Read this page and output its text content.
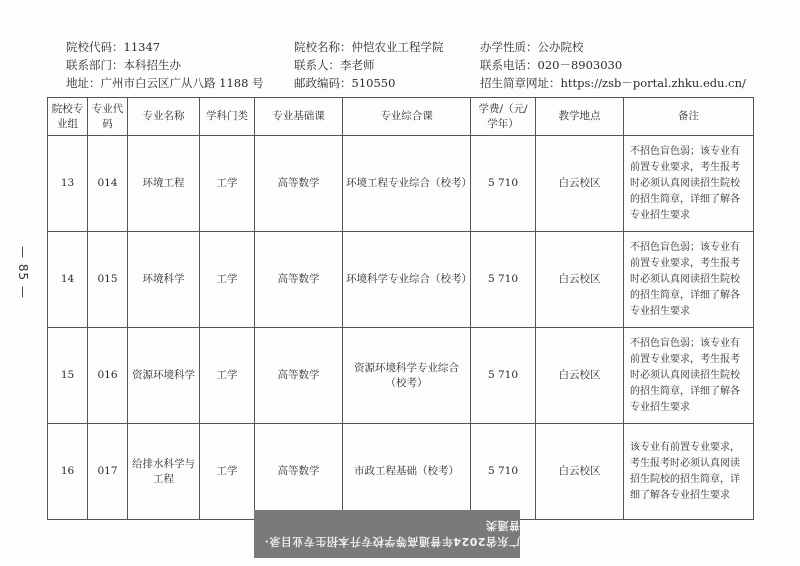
院校代码：11347	院校名称：仲恺农业工程学院	办学性质：公办院校
联系部门：本科招生办	联系人：李老师	联系电话：020－8903030
地址：广州市白云区广从八路 1188 号	邮政编码：510550	招生简章网址：https://zsb－portal.zhku.edu.cn/
— 85 —
院校专业组	专业代码	专业名称	学科门类	专业基础课	专业综合课	学费/（元/学年）	教学地点	备注
13	014	环境工程	工学	高等数学	环境工程专业综合（校考）	5 710	白云校区	不招色盲色弱；该专业有前置专业要求，考生报考时必须认真阅读招生院校的招生简章，详细了解各专业招生要求
14	015	环境科学	工学	高等数学	环境科学专业综合（校考）	5 710	白云校区	不招色盲色弱；该专业有前置专业要求，考生报考时必须认真阅读招生院校的招生简章，详细了解各专业招生要求
15	016	资源环境科学	工学	高等数学	资源环境科学专业综合（校考）	5 710	白云校区	不招色盲色弱；该专业有前置专业要求，考生报考时必须认真阅读招生院校的招生简章，详细了解各专业招生要求
16	017	给排水科学与工程	工学	高等数学	市政工程基础（校考）	5 710	白云校区	该专业有前置专业要求，考生报考时必须认真阅读招生院校的招生简章，详细了解各专业招生要求
广东省2024年普通高等学校专升本招生专业目录·普通类
